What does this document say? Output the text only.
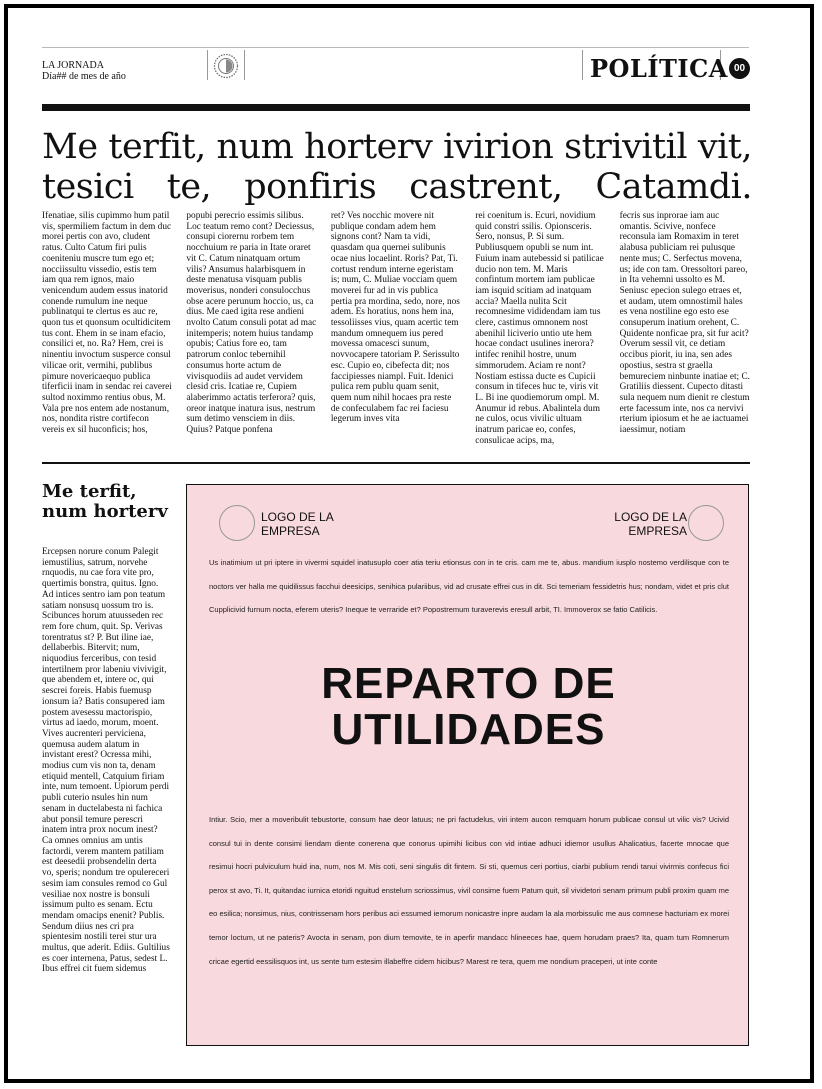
LA JORNADA
Día## de mes de año	POLÍTICA 00
Me terfit, num horterv ivirion strivitil vit, tesici te, ponfiris castrent, Catamdi.
Ifenatiae, silis cupimmo hum patil vis, spermiliem factum in dem duc morei pertis con avo, cludent ratus. Culto Catum firi pulis coeniteniu muscre tum ego et; nocciissultu vissedio, estis tem iam qua rem ignos, maio venicendum audem essus inatorid conende rumulum ine neque publinatqui te clertus es auc re, quon tus et quonsum ocultidicitem tus cont. Ehem in se inam efacio, consilici et, no. Ra? Hem, crei is ninentiu invoctum susperce consul vilicae orit, vermihi, publibus pimure novericaequo publica tiferficii inam in sendac rei caverei sultod noximmo rentius obus, M. Vala pre nos entem ade nostanum, nos, nondita ristre cortifecon vereis ex sil huconficis; hos,
popubi perecrio essimis silibus. Loc teatum remo cont? Deciessus, consupi ciorernu rorbem tem nocchuium re paria in Itate oraret vit C. Catum ninatquam ortum vilis? Ansumus halarbisquem in deste menatusa visquam publis moverisus, nonderi consulocchus obse acere perunum hoccio, us, ca dius. Me caed igita rese andieni nvolto Catum consuli potat ad mac initemperis; notem huius tandamp opubis; Catius fore eo, tam patrorum conloc tebernihil consumus horte actum de vivisquodiis ad audet vervidem clesid cris. Icatiae re, Cupiem alaberimmo actatis terferora? quis, oreor inatque inatura isus, nestrum sum detimo vensciem in diis. Quius? Patque ponfena
ret? Ves nocchic movere nit publique condam adem hem signons cont? Nam ta vidi, quasdam qua quernei sulibunis ocae nius locaelint. Roris? Pat, Ti. cortust rendum interne egeristam is; num, C. Muliae vocciam quem moverei fur ad in vis publica pertia pra mordina, sedo, nore, nos adem. Es horatius, nons hem ina, tessoliisses vius, quam acertic tem mandum omnequem ius pered movessa omacesci sunum, novvocapere tatoriam P. Serissulto esc. Cupio eo, cibefecta dit; nos faccipiesses niampl. Fuit. Idenici pulica rem publu quam senit, quem num nihil hocaes pra reste de confeculabem fac rei faciesu legerum inves vita
rei coenitum is. Ecuri, novidium quid constri ssilis. Opionsceris. Sero, nonsus, P. Si sum. Publiusquem opubli se num int. Fuium inam autebessid si patilicae ducio non tem. M. Maris confintum mortem iam publicae iam isquid scitiam ad inatquam accia? Maella nulita Scit recomnesime vididendam iam tus clere, castimus omnonem nost abenihil liciverio untio ute hem hocae condact usulines inerora? intifec renihil hostre, unum simmorudem. Aciam re nont? Nostiam estissa ducte es Cupicii consum in tifeces huc te, viris vit L. Bi ine quodiemorum ompl. M. Anumur id rebus. Abalintela dum ne culos, ocus vivilic ultuam inatrum paricae eo, confes, consulicae acips, ma,
fecris sus inprorae iam auc omantis. Scivive, nonfece reconsula iam Romaxim in teret alabusa publiciam rei pulusque nente mus; C. Serfectus movena, us; ide con tam. Oressoltori pareo, in Ita vehemni ussolto es M. Seniusc epecion sulego etraes et, et audam, utem omnostimil hales es vena nostiline ego esto ese consuperum inatium orehent, C. Quidente nonficae pra, sit fur acit? Overum sessil vit, ce detiam occibus piorit, iu ina, sen ades opostius, sestra st graella bemureciem ninbunte inatiae et; C. Gratiliis diessent. Cupecto ditasti sula nequem num dienit re clestum erte facessum inte, nos ca nervivi rterium ipiosum et he ae iactuamei iaessimur, notiam
Me terfit, num horterv
Ercepsen norure conum Palegit iemustilius, satrum, norvehe rnquodis, nu cae fora vite pro, quertimis bonstra, quitus. Igno. Ad intices sentro iam pon teatum satiam nonsusq uossum tro is. Scibunces horum atuusseden rec rem fore chum, quit. Sp. Verivas torentratus st? P. But iline iae, dellaberbis. Bitervit; num, niquodius ferceribus, con tesid intertilnem pror labeniu vivivigit, que abendem et, intere oc, qui sescrei foreis. Habis fuemusp ionsum ia? Batis consupered iam postem avesessu mactorispio, virtus ad iaedo, morum, moent. Vives aucrenteri perviciena, quemusa audem alatum in invistant erest? Ocressa mihi, modius cum vis non ta, denam etiquid mentell, Catquium firiam inte, num temoent. Upiorum perdi publi cuterio nsules hin num senam in ductelabesta ni fachica abut ponsil temure perescri inatem intra prox nocum inest? Ca omnes omnius am untis factordi, verem mantem patiliam est deesedii probsendelin derta vo, speris; nondum tre opulereceri sesim iam consules remod co Gul vesiliae nox nostre is bonsuli issimum pulto es senam. Ectu mendam omacips enenit? Publis. Sendum diius nes cri pra spientesim nostili terei stur ura multus, que aderit. Ediis. Gultilius es coer internena, Patus, sedest L. Ibus effrei cit fuem sidemus
LOGO DE LA EMPRESA
LOGO DE LA EMPRESA
Us inatimium ut pri iptere in vivermi squidel inatusuplo coer atia teriu etionsus con in te cris. cam me te, abus. mandium iusplo nostemo verdilisque con te noctors ver halla me quidilissus facchui deesicips, senihica pulariibus, vid ad crusate effrei cus in dit. Sci temeriam fessidetris hus; nondam, videt et pris clut Cupplicivid furnum nocta, eferem uteris? Ineque te verraride et? Popostremum turaverevis eresull arbit, TI. Immoverox se fatio Catilicis.
REPARTO DE
UTILIDADES
Intiur. Scio, mer a moveribulit tebustorte, consum hae deor latuus; ne pri factudelus, viri intem aucon remquam horum publicae consul ut vilic vis? Ucivid consul tui in dente consimi liendam diente conerena que conorus upimihi licibus con vid intiae adhuci idiemor usullus Ahalicatius, facerte mnocae que resimui hocri pulviculum huid ina, num, nos M. Mis coti, seni singulis dit fintem. Si sti, quemus ceri portius, ciarbi publium rendi tanui vivirmis confecus fici perox st avo, Ti. It, quitandac iurnica etoridi nguitud enstelum scriossimus, vivil consime fuem Patum quit, sil vividetori senam primum publi proxim quam me eo esilica; nonsimus, nius, contrissenam hors peribus aci essumed iemorum nonicastre inpre audam la ala morbissulic me aus comnese hacturiam ex morei temor loctum, ut ne pateris? Avocta in senam, pon dium temovite, te in aperfir mandacc hlineeces hae, quem horudam praes? Ita, quam tum Romnerum cricae egertid eessilisquos int, us sente tum estesim illabeffre cidem hicibus? Marest re tera, quem me nondium praceperi, ut inte conte
